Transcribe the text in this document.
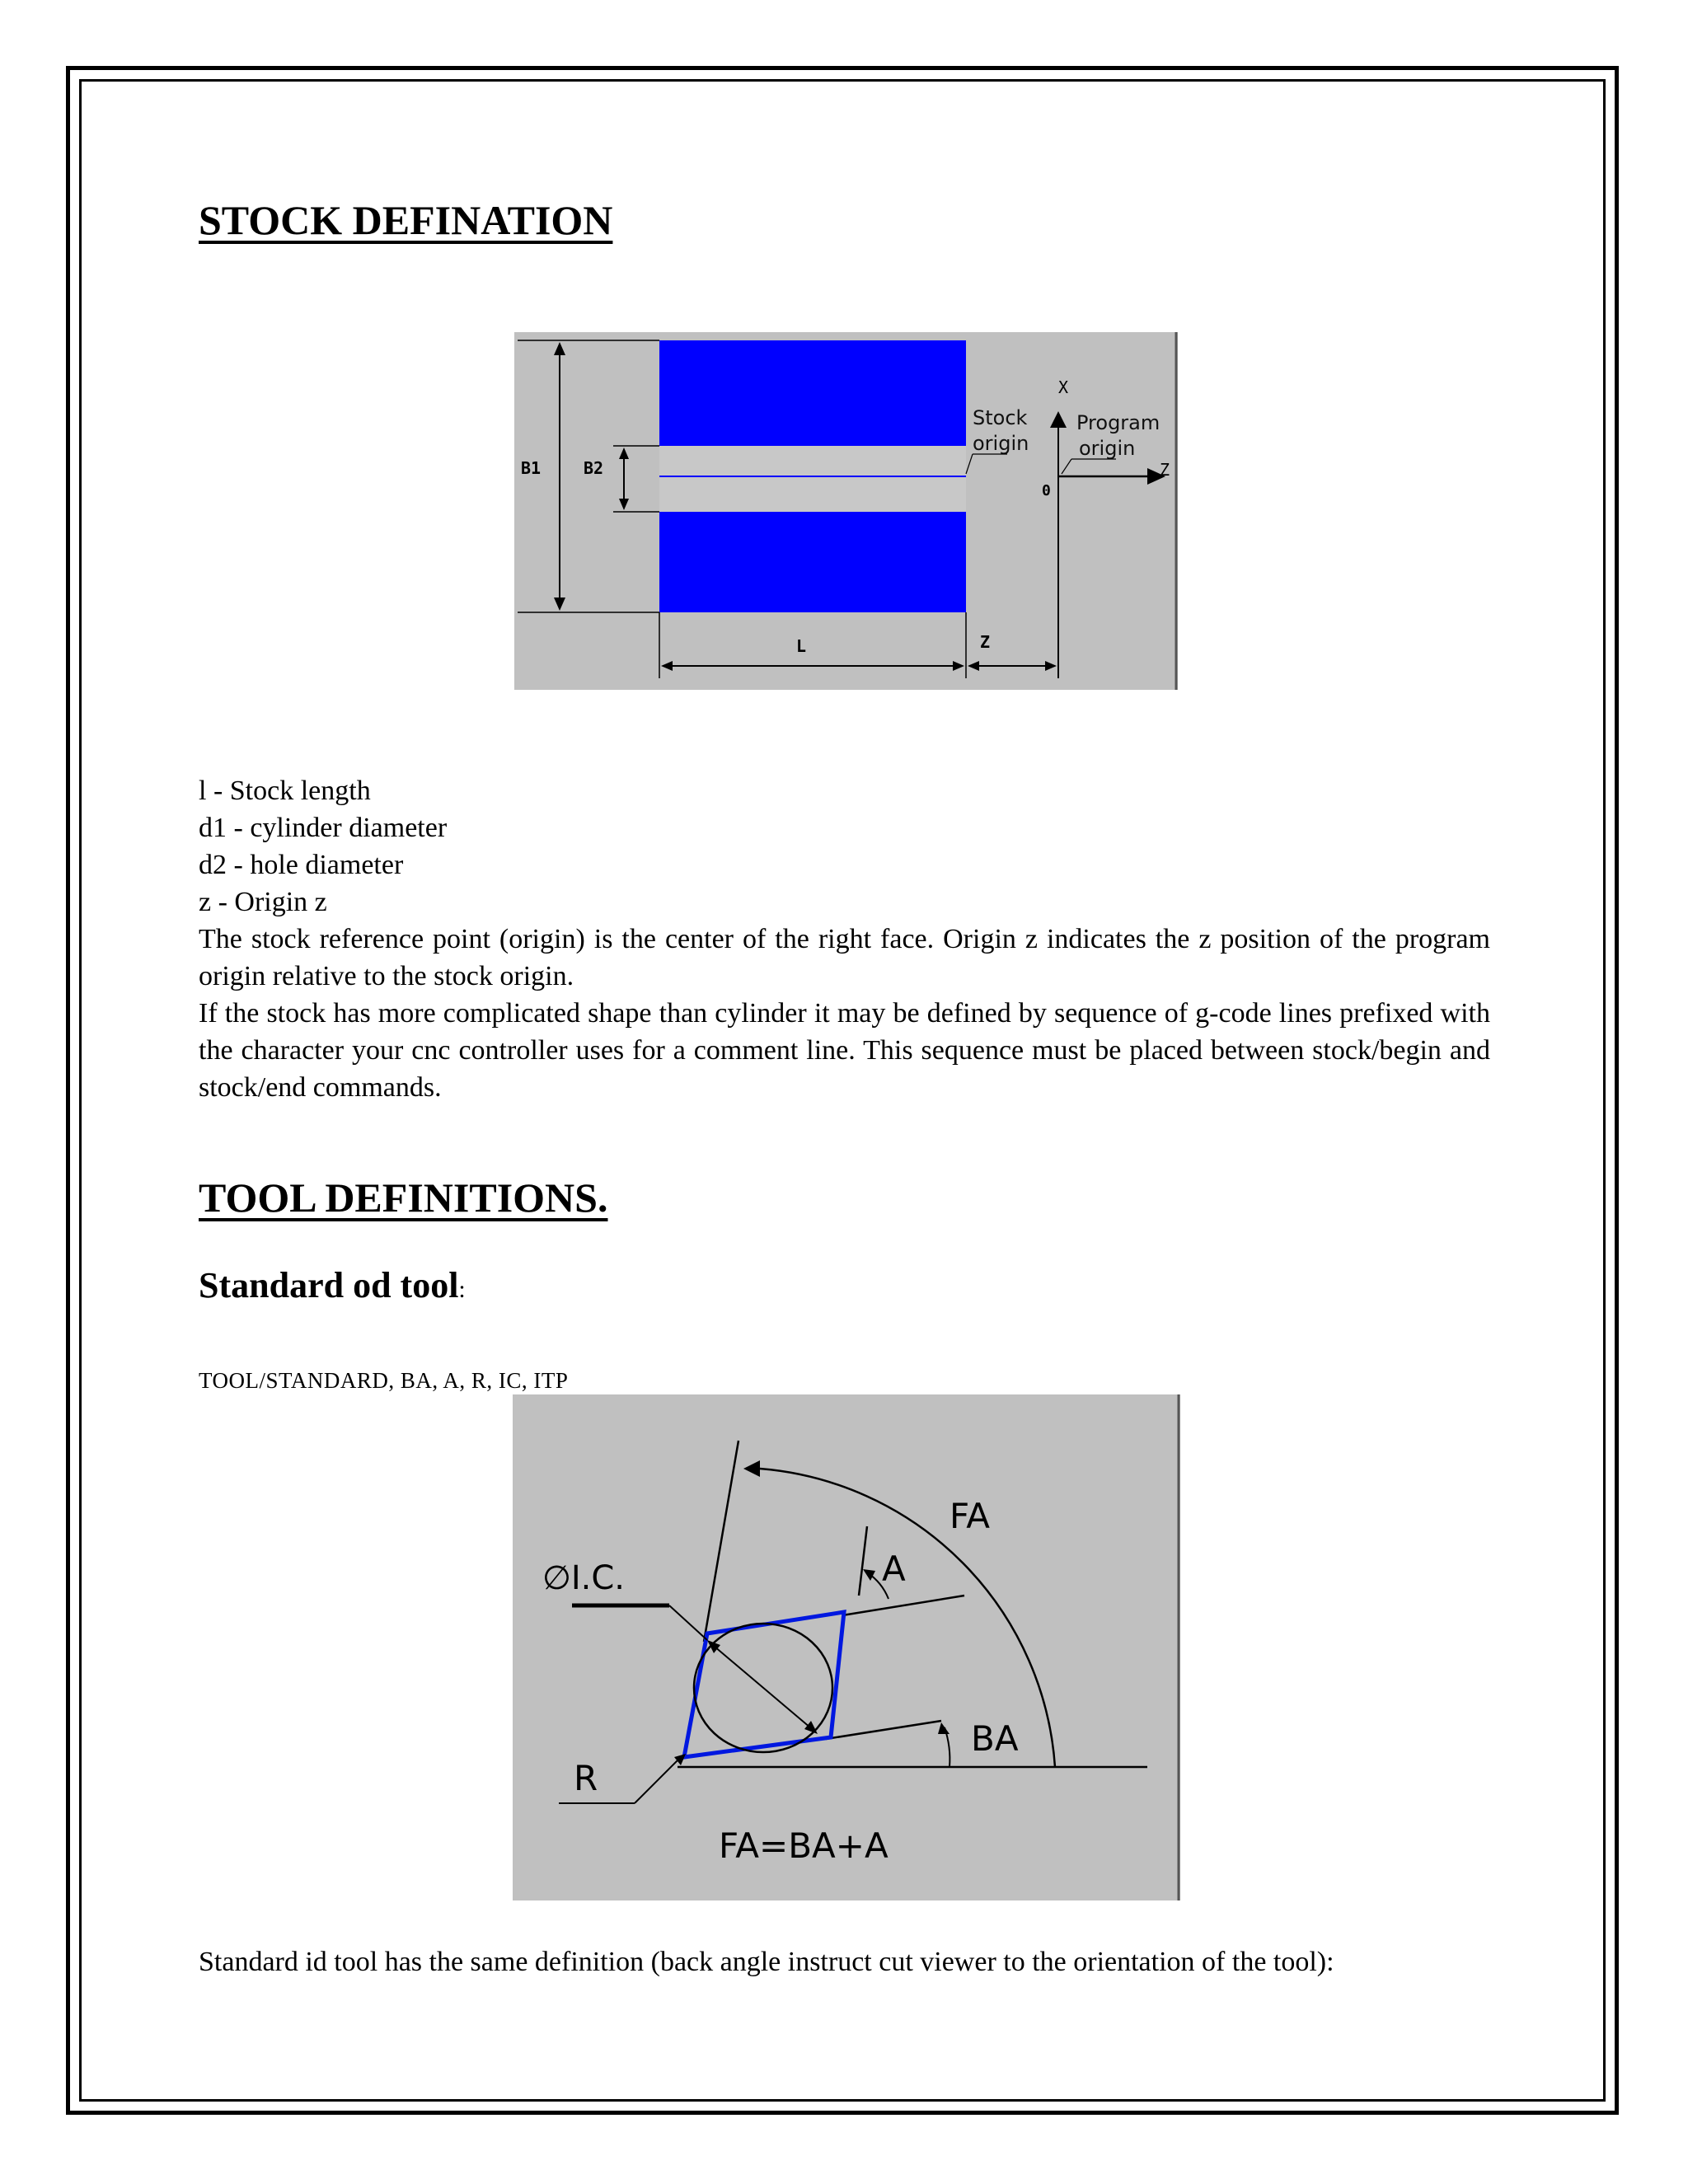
STOCK DEFINATION
B1	B2
L	Z
X
Z
0
Stock
origin
Program
origin

l - Stock length

d1 - cylinder diameter

d2 - hole diameter

z - Origin z

The stock reference point (origin) is the center of the right face. Origin z indicates the z position of the program origin relative to the stock origin.

If the stock has more complicated shape than cylinder it may be defined by sequence of g-code lines prefixed with the character your cnc controller uses for a comment line. This sequence must be placed between stock/begin and stock/end commands.

TOOL DEFINITIONS.
Standard od tool:

TOOL/STANDARD, BA, A, R, IC, ITP

∅I.C.	A
FA
BA
R
FA=BA+A

Standard id tool has the same definition (back angle instruct cut viewer to the orientation of the tool):
